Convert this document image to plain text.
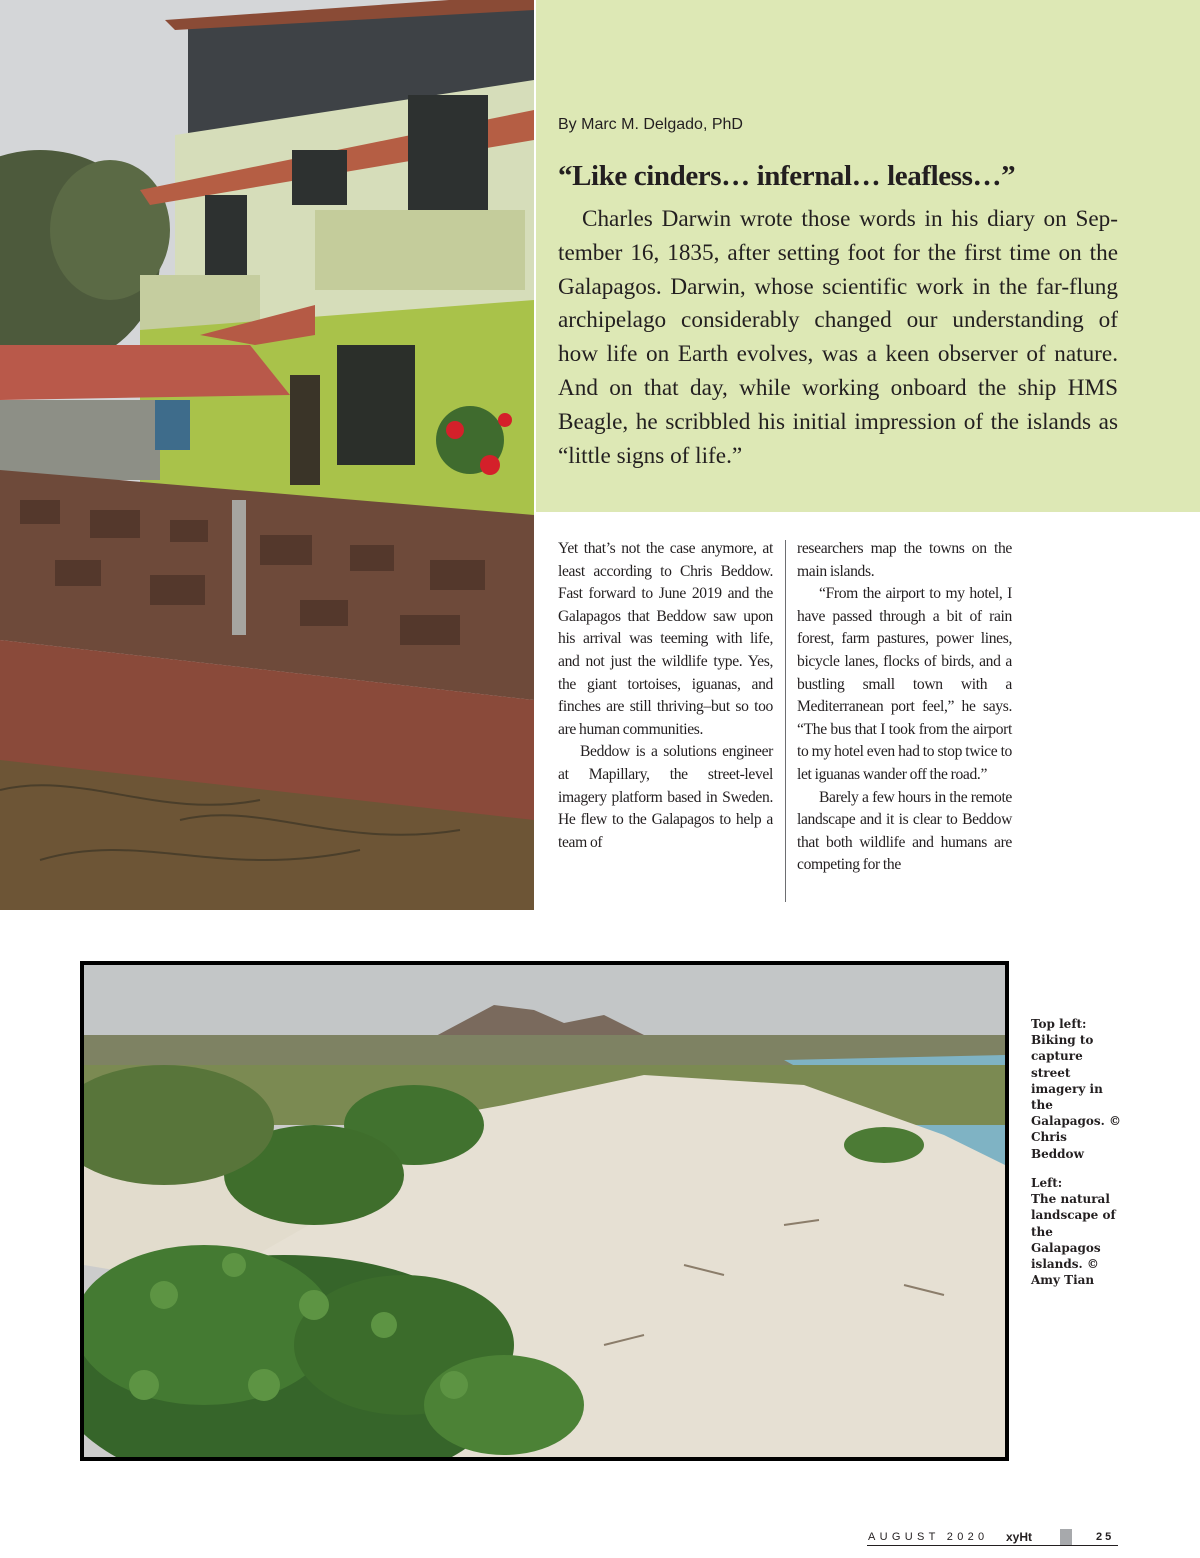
By Marc M. Delgado, PhD
“Like cinders… infernal… leafless…”

Charles Darwin wrote those words in his diary on September 16, 1835, after setting foot for the first time on the Galapagos. Darwin, whose scientific work in the far-flung archipelago considerably changed our understanding of how life on Earth evolves, was a keen observer of nature. And on that day, while working onboard the ship HMS Beagle, he scribbled his initial impression of the islands as “little signs of life.”

Yet that’s not the case anymore, at least according to Chris Beddow. Fast forward to June 2019 and the Galapagos that Beddow saw upon his arrival was teeming with life, and not just the wildlife type. Yes, the giant tortoises, iguanas, and finches are still thriving–but so too are human communities.

Beddow is a solutions engineer at Mapillary, the street-level imagery platform based in Sweden. He flew to the Galapagos to help a team of

researchers map the towns on the main islands.

“From the airport to my hotel, I have passed through a bit of rain forest, farm pastures, power lines, bicycle lanes, flocks of birds, and a bustling small town with a Mediterranean port feel,” he says. “The bus that I took from the airport to my hotel even had to stop twice to let iguanas wander off the road.”

Barely a few hours in the remote landscape and it is clear to Beddow that both wildlife and humans are competing for the

Top left:
Biking to capture street imagery in the Galapagos. © Chris Beddow
Left:
The natural landscape of the Galapagos islands. © Amy Tian
AUGUST 2020 xyHt	25
